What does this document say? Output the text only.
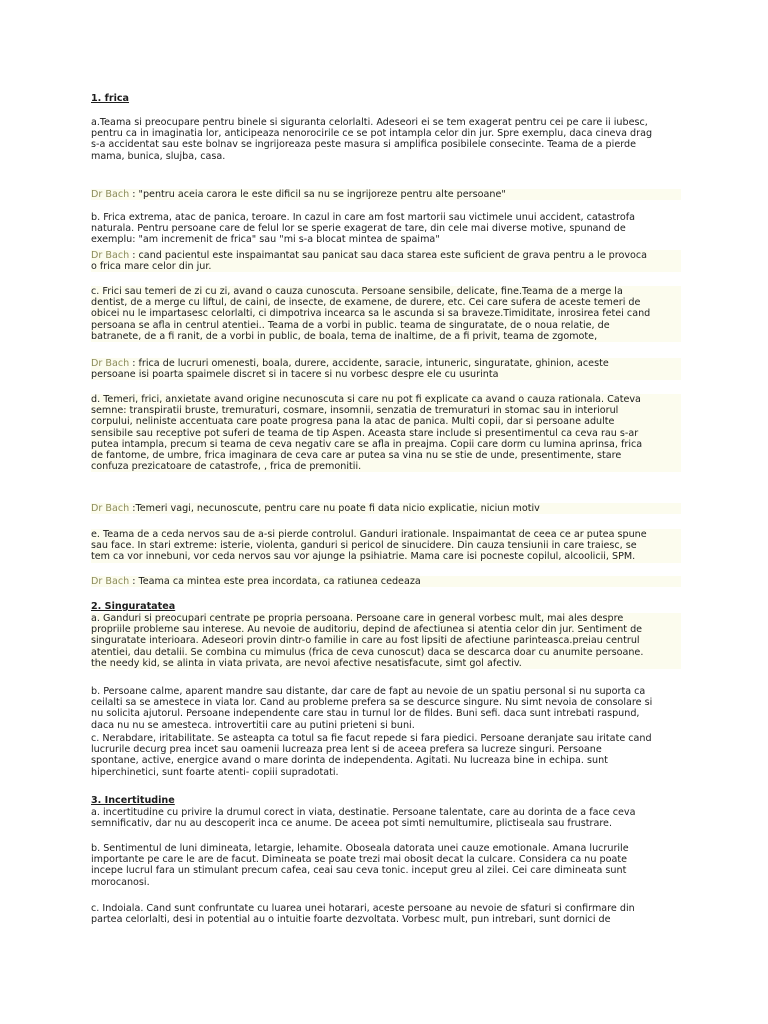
1. frica
a.Teama si preocupare pentru binele si siguranta celorlalti. Adeseori ei se tem exagerat pentru cei pe care ii iubesc,
pentru ca in imaginatia lor, anticipeaza nenorocirile ce se pot intampla celor din jur. Spre exemplu, daca cineva drag
s-a accidentat sau este bolnav se ingrijoreaza peste masura si amplifica posibilele consecinte. Teama de a pierde
mama, bunica, slujba, casa.
Dr Bach : "pentru aceia carora le este dificil sa nu se ingrijoreze pentru alte persoane"
b. Frica extrema, atac de panica, teroare. In cazul in care am fost martorii sau victimele unui accident, catastrofa
naturala. Pentru persoane care de felul lor se sperie exagerat de tare, din cele mai diverse motive, spunand de
exemplu: "am incremenit de frica" sau "mi s-a blocat mintea de spaima"
Dr Bach : cand pacientul este inspaimantat sau panicat sau daca starea este suficient de grava pentru a le provoca
o frica mare celor din jur.
c. Frici sau temeri de zi cu zi, avand o cauza cunoscuta. Persoane sensibile, delicate, fine.Teama de a merge la
dentist, de a merge cu liftul, de caini, de insecte, de examene, de durere, etc. Cei care sufera de aceste temeri de
obicei nu le impartasesc celorlalti, ci dimpotriva incearca sa le ascunda si sa braveze.Timiditate, inrosirea fetei cand
persoana se afla in centrul atentiei.. Teama de a vorbi in public. teama de singuratate, de o noua relatie, de
batranete, de a fi ranit, de a vorbi in public, de boala, tema de inaltime, de a fi privit, teama de zgomote,
Dr Bach : frica de lucruri omenesti, boala, durere, accidente, saracie, intuneric, singuratate, ghinion, aceste
persoane isi poarta spaimele discret si in tacere si nu vorbesc despre ele cu usurinta
d. Temeri, frici, anxietate avand origine necunoscuta si care nu pot fi explicate ca avand o cauza rationala. Cateva
semne: transpiratii bruste, tremuraturi, cosmare, insomnii, senzatia de tremuraturi in stomac sau in interiorul
corpului, neliniste accentuata care poate progresa pana la atac de panica. Multi copii, dar si persoane adulte
sensibile sau receptive pot suferi de teama de tip Aspen. Aceasta stare include si presentimentul ca ceva rau s-ar
putea intampla, precum si teama de ceva negativ care se afla in preajma. Copii care dorm cu lumina aprinsa, frica
de fantome, de umbre, frica imaginara de ceva care ar putea sa vina nu se stie de unde, presentimente, stare
confuza prezicatoare de catastrofe, , frica de premonitii.
Dr Bach :Temeri vagi, necunoscute, pentru care nu poate fi data nicio explicatie, niciun motiv
e. Teama de a ceda nervos sau de a-si pierde controlul. Ganduri irationale. Inspaimantat de ceea ce ar putea spune
sau face. In stari extreme: isterie, violenta, ganduri si pericol de sinucidere. Din cauza tensiunii in care traiesc, se
tem ca vor innebuni, vor ceda nervos sau vor ajunge la psihiatrie. Mama care isi pocneste copilul, alcoolicii, SPM.
Dr Bach : Teama ca mintea este prea incordata, ca ratiunea cedeaza
2. Singuratatea
a. Ganduri si preocupari centrate pe propria persoana. Persoane care in general vorbesc mult, mai ales despre
propriile probleme sau interese. Au nevoie de auditoriu, depind de afectiunea si atentia celor din jur. Sentiment de
singuratate interioara. Adeseori provin dintr-o familie in care au fost lipsiti de afectiune parinteasca.preiau centrul
atentiei, dau detalii. Se combina cu mimulus (frica de ceva cunoscut) daca se descarca doar cu anumite persoane.
the needy kid, se alinta in viata privata, are nevoi afective nesatisfacute, simt gol afectiv.
b. Persoane calme, aparent mandre sau distante, dar care de fapt au nevoie de un spatiu personal si nu suporta ca
ceilalti sa se amestece in viata lor. Cand au probleme prefera sa se descurce singure. Nu simt nevoia de consolare si
nu solicita ajutorul. Persoane independente care stau in turnul lor de fildes. Buni sefi. daca sunt intrebati raspund,
daca nu nu se amesteca. introvertitii care au putini prieteni si buni.
c. Nerabdare, iritabilitate. Se asteapta ca totul sa fie facut repede si fara piedici. Persoane deranjate sau iritate cand
lucrurile decurg prea incet sau oamenii lucreaza prea lent si de aceea prefera sa lucreze singuri. Persoane
spontane, active, energice avand o mare dorinta de independenta. Agitati. Nu lucreaza bine in echipa. sunt
hiperchinetici, sunt foarte atenti- copiii supradotati.
3. Incertitudine
a. incertitudine cu privire la drumul corect in viata, destinatie. Persoane talentate, care au dorinta de a face ceva
semnificativ, dar nu au descoperit inca ce anume. De aceea pot simti nemultumire, plictiseala sau frustrare.
b. Sentimentul de luni dimineata, letargie, lehamite. Oboseala datorata unei cauze emotionale. Amana lucrurile
importante pe care le are de facut. Dimineata se poate trezi mai obosit decat la culcare. Considera ca nu poate
incepe lucrul fara un stimulant precum cafea, ceai sau ceva tonic. inceput greu al zilei. Cei care dimineata sunt
morocanosi.
c. Indoiala. Cand sunt confruntate cu luarea unei hotarari, aceste persoane au nevoie de sfaturi si confirmare din
partea celorlalti, desi in potential au o intuitie foarte dezvoltata. Vorbesc mult, pun intrebari, sunt dornici de
